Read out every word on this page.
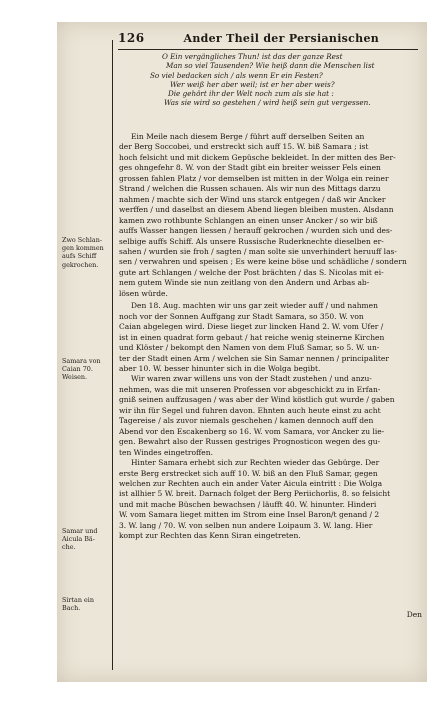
126	Ander Theil der Persianischen
O Ein vergängliches Thun! ist das der ganze Rest
Man so viel Tausenden? Wie heiß dann die Menschen list
So viel bedacken sich / als wenn Er ein Festen?
Wer weiß her aber weil; ist er her aber weis?
Die gehört ihr der Welt noch zum als sie hat :
Was sie wird so gestehen / wird heiß sein gut vergessen.
Zwo Schlan-
gen kommen
aufs Schiff
gekrochen.
Samara von
Caian 70.
Weisen.
Samar und
Aicula Bä-
che.
Sirtan ein
Bach.
Ein Meile nach diesem Berge / führt auff derselben Seiten an
der Berg Soccobei, und erstreckt sich auff 15. W. biß Samara ; ist
hoch felsicht und mit dickem Gepüsche bekleidet. In der mitten des Ber-
ges ohngefehr 8. W. von der Stadt gibt ein breiter weisser Fels einen
grossen fahlen Platz / vor demselben ist mitten in der Wolga ein reiner
Strand / welchen die Russen schauen. Als wir nun des Mittags darzu
nahmen / machte sich der Wind uns starck entgegen / daß wir Ancker
werffen / und daselbst an diesem Abend liegen bleiben musten. Alsdann
kamen zwo rothbunte Schlangen an einen unser Ancker / so wir biß
auffs Wasser hangen liessen / herauff gekrochen / wurden sich und des-
selbige auffs Schiff. Als unsere Russische Ruderknechte dieselben er-
sahen / wurden sie froh / sagten / man solte sie unverhindert heruuff las-
sen / verwahren und speisen ; Es were keine böse und schädliche / sondern
gute art Schlangen / welche der Post brächten / das S. Nicolas mit ei-
nem gutem Winde sie nun zeitlang von den Andern und Arbas ab-
lösen würde.
Den 18. Aug. machten wir uns gar zeit wieder auff / und nahmen
noch vor der Sonnen Auffgang zur Stadt Samara, so 350. W. von
Caian abgelegen wird. Diese lieget zur lincken Hand 2. W. vom Ufer /
ist in einen quadrat form gebaut / hat reiche wenig steinerne Kirchen
und Klöster / bekompt den Namen von dem Fluß Samar, so 5. W. un-
ter der Stadt einen Arm / welchen sie Sin Samar nennen / principaliter
aber 10. W. besser hinunter sich in die Wolga begibt.
Wir waren zwar willens uns von der Stadt zustehen / und anzu-
nehmen, was die mit unseren Professen vor abgeschickt zu in Erfan-
gniß seinen auffzusagen / was aber der Wind köstlich gut wurde / gaben
wir ihn für Segel und fuhren davon. Ehnten auch heute einst zu acht
Tagereise / als zuvor niemals geschehen / kamen dennoch auff den
Abend vor den Escakenberg so 16. W. vom Samara, vor Ancker zu lie-
gen. Bewahrt also der Russen gestriges Prognosticon wegen des gu-
ten Windes eingetroffen.
Hinter Samara erhebt sich zur Rechten wieder das Gebürge. Der
erste Berg erstrecket sich auff 10. W. biß an den Fluß Samar, gegen
welchen zur Rechten auch ein ander Vater Aicula eintritt : Die Wolga
ist allhier 5 W. breit. Darnach folget der Berg Periichorlis, 8. so felsicht
und mit mache Büschen bewachsen / läufft 40. W. hinunter. Hinderi
W. vom Samara lieget mitten im Strom eine Insel Baron/t genand / 2
3. W. lang / 70. W. von selben nun andere Loipaum 3. W. lang. Hier
kompt zur Rechten das Kenn Siran eingetreten.
Den
